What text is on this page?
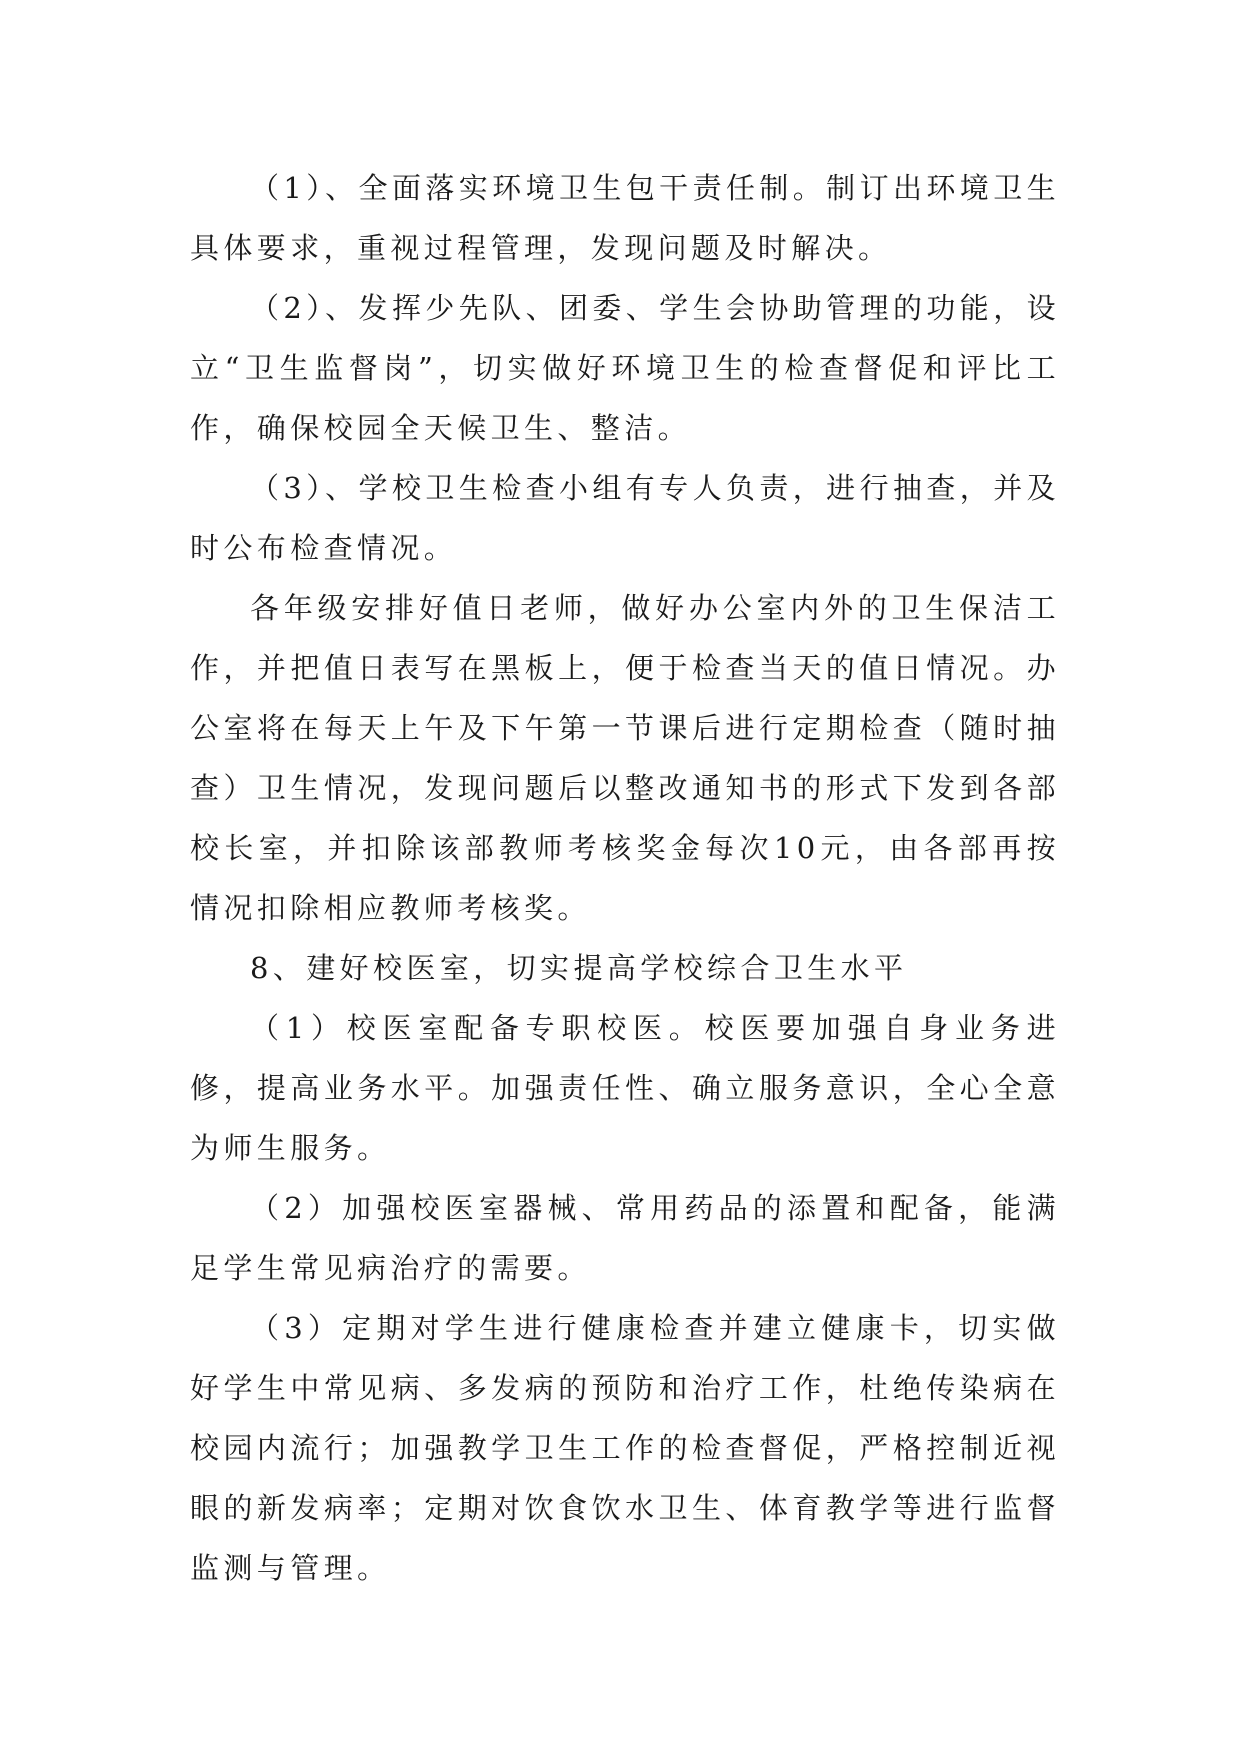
（1）、全面落实环境卫生包干责任制。制订出环境卫生具体要求，重视过程管理，发现问题及时解决。

（2）、发挥少先队、团委、学生会协助管理的功能，设立“卫生监督岗”，切实做好环境卫生的检查督促和评比工作，确保校园全天候卫生、整洁。

（3）、学校卫生检查小组有专人负责，进行抽查，并及时公布检查情况。

各年级安排好值日老师，做好办公室内外的卫生保洁工作，并把值日表写在黑板上，便于检查当天的值日情况。办公室将在每天上午及下午第一节课后进行定期检查（随时抽查）卫生情况，发现问题后以整改通知书的形式下发到各部校长室，并扣除该部教师考核奖金每次10元，由各部再按情况扣除相应教师考核奖。

8、建好校医室，切实提高学校综合卫生水平

（1）校医室配备专职校医。校医要加强自身业务进修，提高业务水平。加强责任性、确立服务意识，全心全意为师生服务。

（2）加强校医室器械、常用药品的添置和配备，能满足学生常见病治疗的需要。

（3）定期对学生进行健康检查并建立健康卡，切实做好学生中常见病、多发病的预防和治疗工作，杜绝传染病在校园内流行；加强教学卫生工作的检查督促，严格控制近视眼的新发病率；定期对饮食饮水卫生、体育教学等进行监督监测与管理。
